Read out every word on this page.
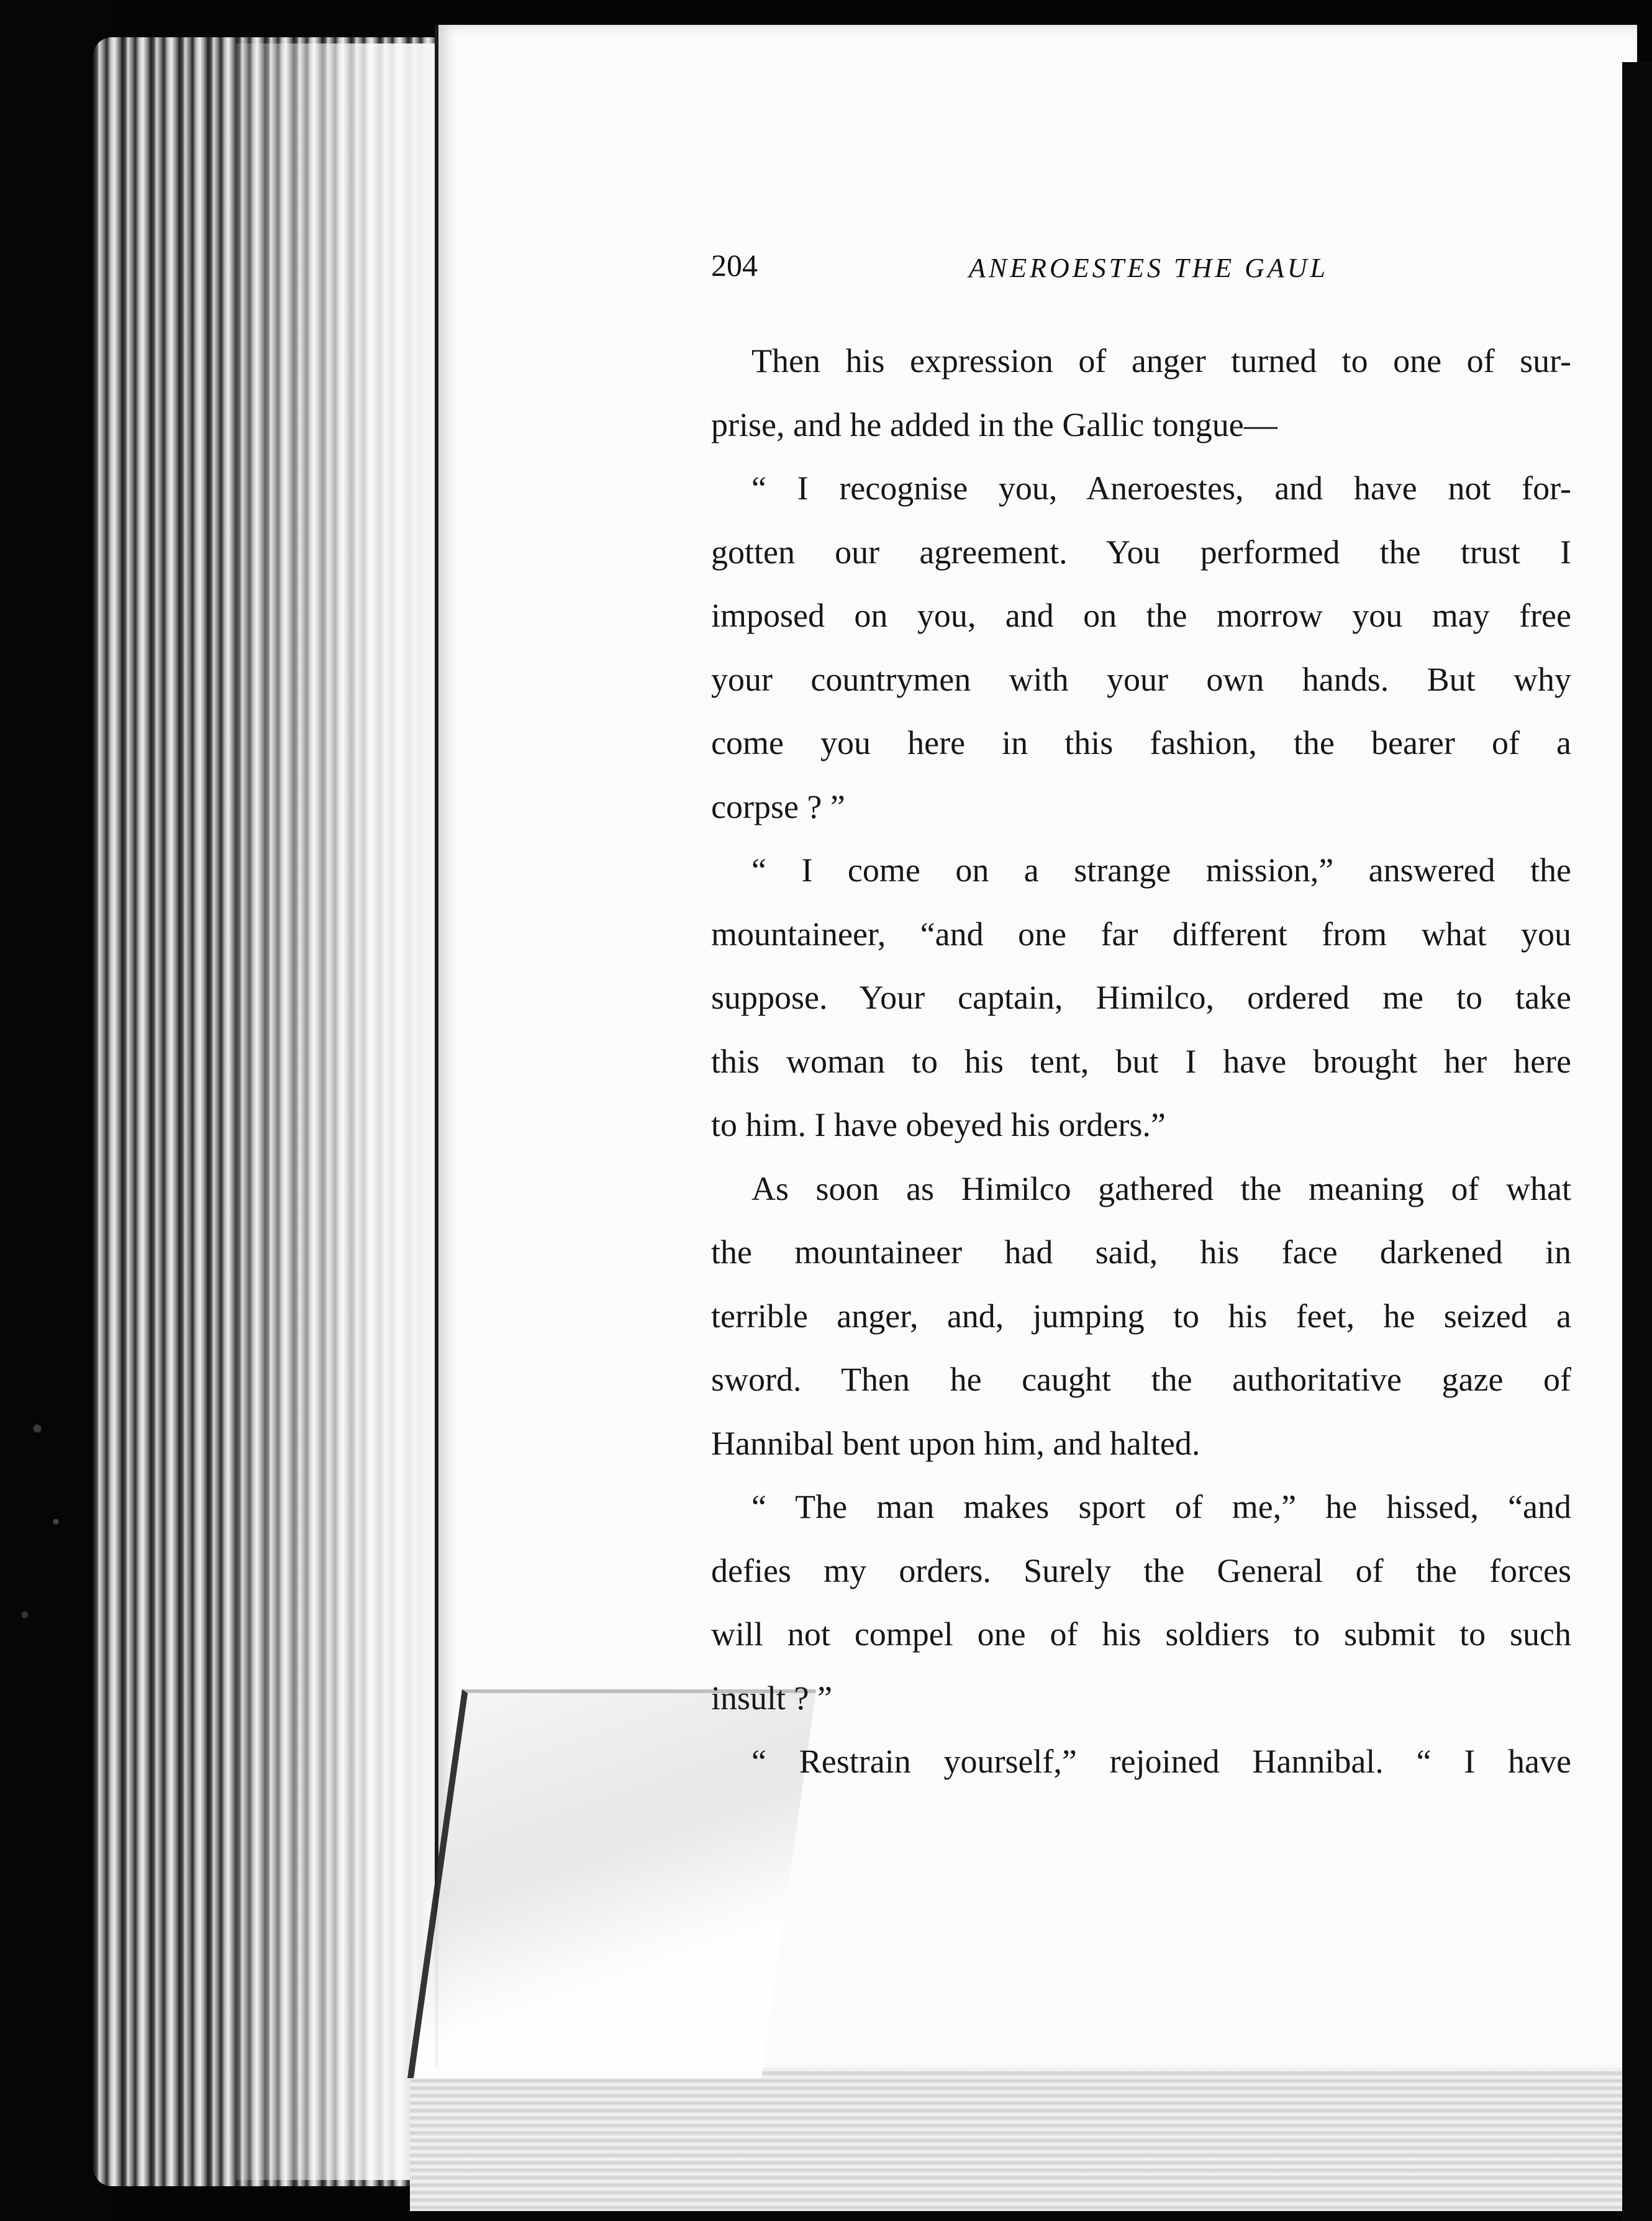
204	ANEROESTES THE GAUL
Then his expression of anger turned to one of sur-
prise, and he added in the Gallic tongue—
“ I recognise you, Aneroestes, and have not for-
gotten our agreement. You performed the trust I
imposed on you, and on the morrow you may free
your countrymen with your own hands. But why
come you here in this fashion, the bearer of a
corpse ? ”
“ I come on a strange mission,” answered the
mountaineer, “and one far different from what you
suppose. Your captain, Himilco, ordered me to take
this woman to his tent, but I have brought her here
to him. I have obeyed his orders.”
As soon as Himilco gathered the meaning of what
the mountaineer had said, his face darkened in
terrible anger, and, jumping to his feet, he seized a
sword. Then he caught the authoritative gaze of
Hannibal bent upon him, and halted.
“ The man makes sport of me,” he hissed, “and
defies my orders. Surely the General of the forces
will not compel one of his soldiers to submit to such
insult ? ”
“ Restrain yourself,” rejoined Hannibal. “ I have
